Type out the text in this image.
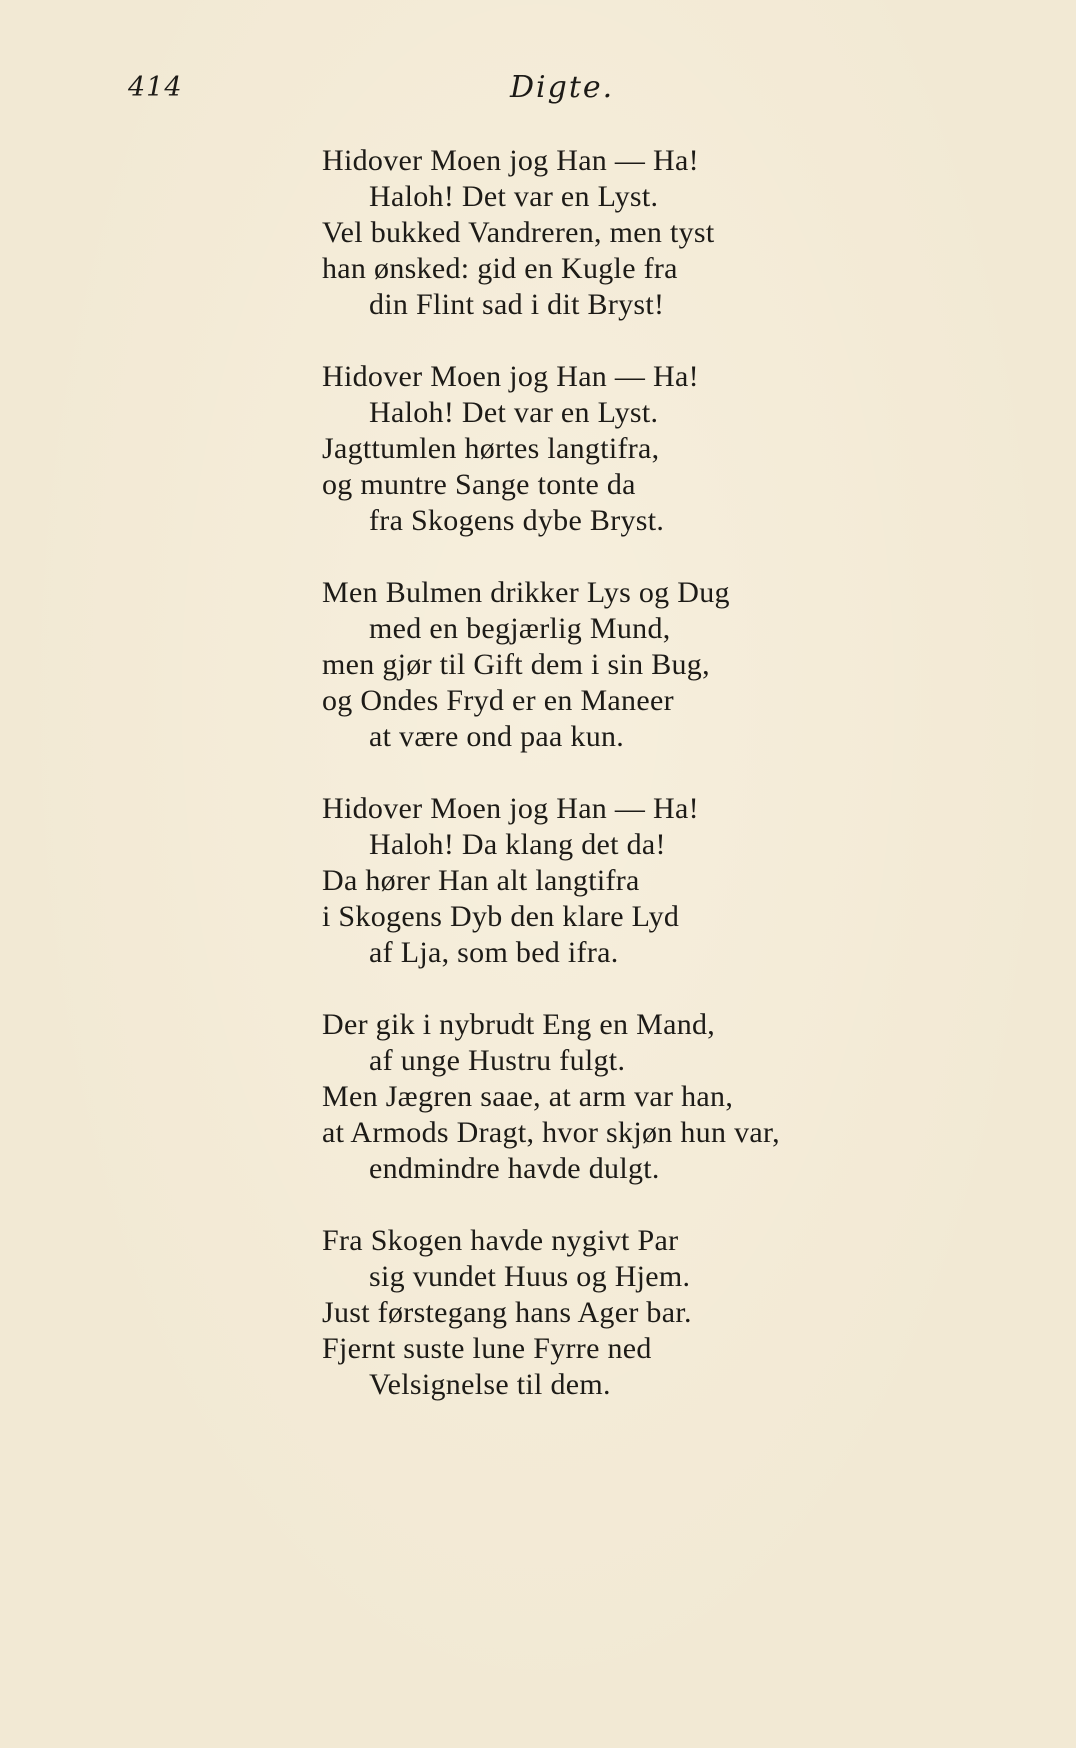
414	Digte.
Hidover Moen jog Han — Ha!
Haloh! Det var en Lyst.
Vel bukked Vandreren, men tyst
han ønsked: gid en Kugle fra
din Flint sad i dit Bryst!
Hidover Moen jog Han — Ha!
Haloh! Det var en Lyst.
Jagttumlen hørtes langtifra,
og muntre Sange tonte da
fra Skogens dybe Bryst.
Men Bulmen drikker Lys og Dug
med en begjærlig Mund,
men gjør til Gift dem i sin Bug,
og Ondes Fryd er en Maneer
at være ond paa kun.
Hidover Moen jog Han — Ha!
Haloh! Da klang det da!
Da hører Han alt langtifra
i Skogens Dyb den klare Lyd
af Lja, som bed ifra.
Der gik i nybrudt Eng en Mand,
af unge Hustru fulgt.
Men Jægren saae, at arm var han,
at Armods Dragt, hvor skjøn hun var,
endmindre havde dulgt.
Fra Skogen havde nygivt Par
sig vundet Huus og Hjem.
Just førstegang hans Ager bar.
Fjernt suste lune Fyrre ned
Velsignelse til dem.
